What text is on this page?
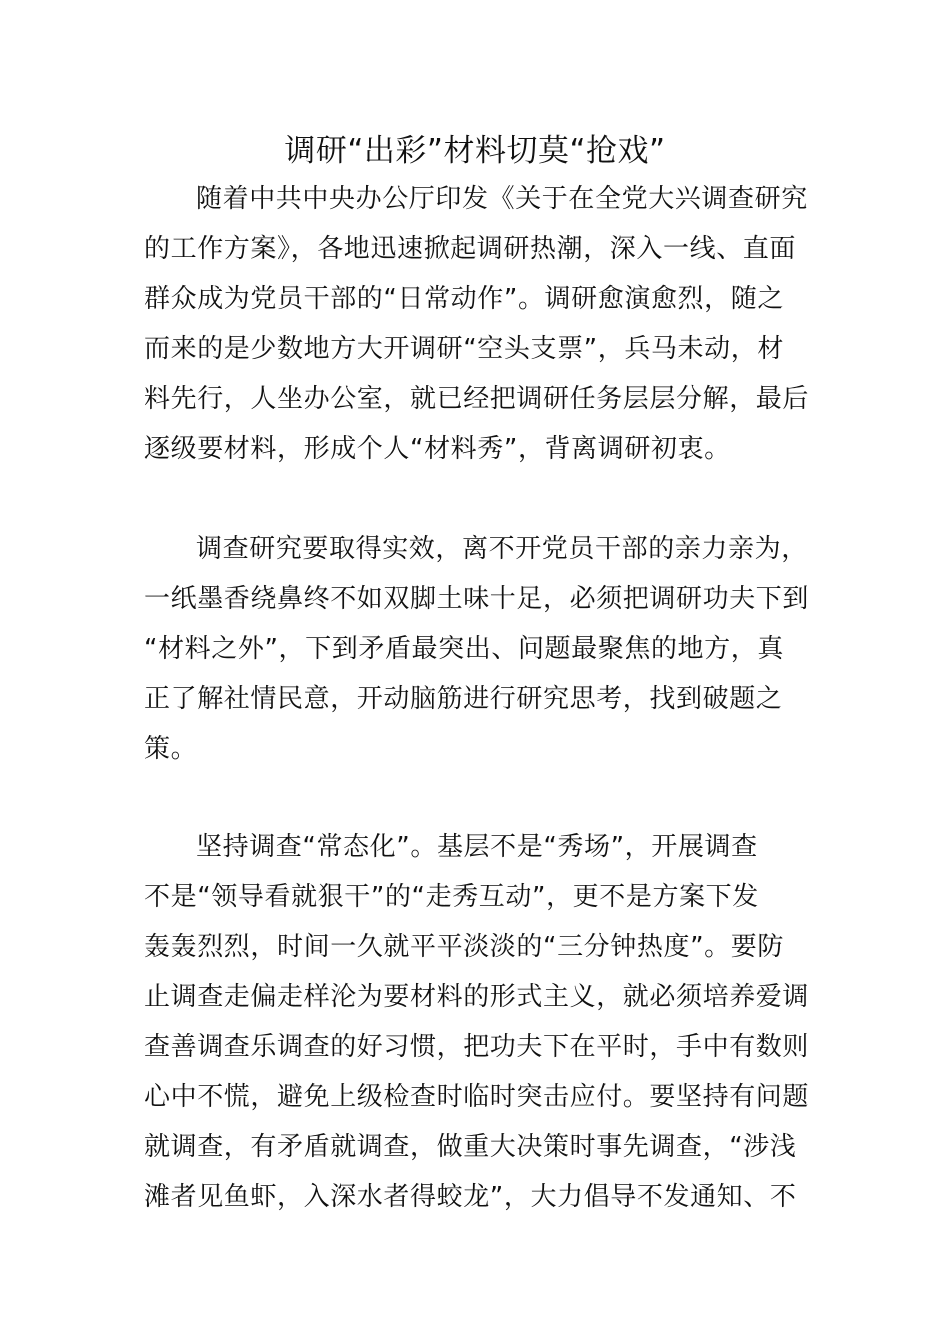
调研“出彩”材料切莫“抢戏”
随着中共中央办公厅印发《关于在全党大兴调查研究
的工作方案》，各地迅速掀起调研热潮，深入一线、直面
群众成为党员干部的“日常动作”。调研愈演愈烈，随之
而来的是少数地方大开调研“空头支票”，兵马未动，材
料先行，人坐办公室，就已经把调研任务层层分解，最后
逐级要材料，形成个人“材料秀”，背离调研初衷。
调查研究要取得实效，离不开党员干部的亲力亲为，
一纸墨香绕鼻终不如双脚土味十足，必须把调研功夫下到
“材料之外”，下到矛盾最突出、问题最聚焦的地方，真
正了解社情民意，开动脑筋进行研究思考，找到破题之
策。
坚持调查“常态化”。基层不是“秀场”，开展调查
不是“领导看就狠干”的“走秀互动”，更不是方案下发
轰轰烈烈，时间一久就平平淡淡的“三分钟热度”。要防
止调查走偏走样沦为要材料的形式主义，就必须培养爱调
查善调查乐调查的好习惯，把功夫下在平时，手中有数则
心中不慌，避免上级检查时临时突击应付。要坚持有问题
就调查，有矛盾就调查，做重大决策时事先调查，“涉浅
滩者见鱼虾，入深水者得蛟龙”，大力倡导不发通知、不
